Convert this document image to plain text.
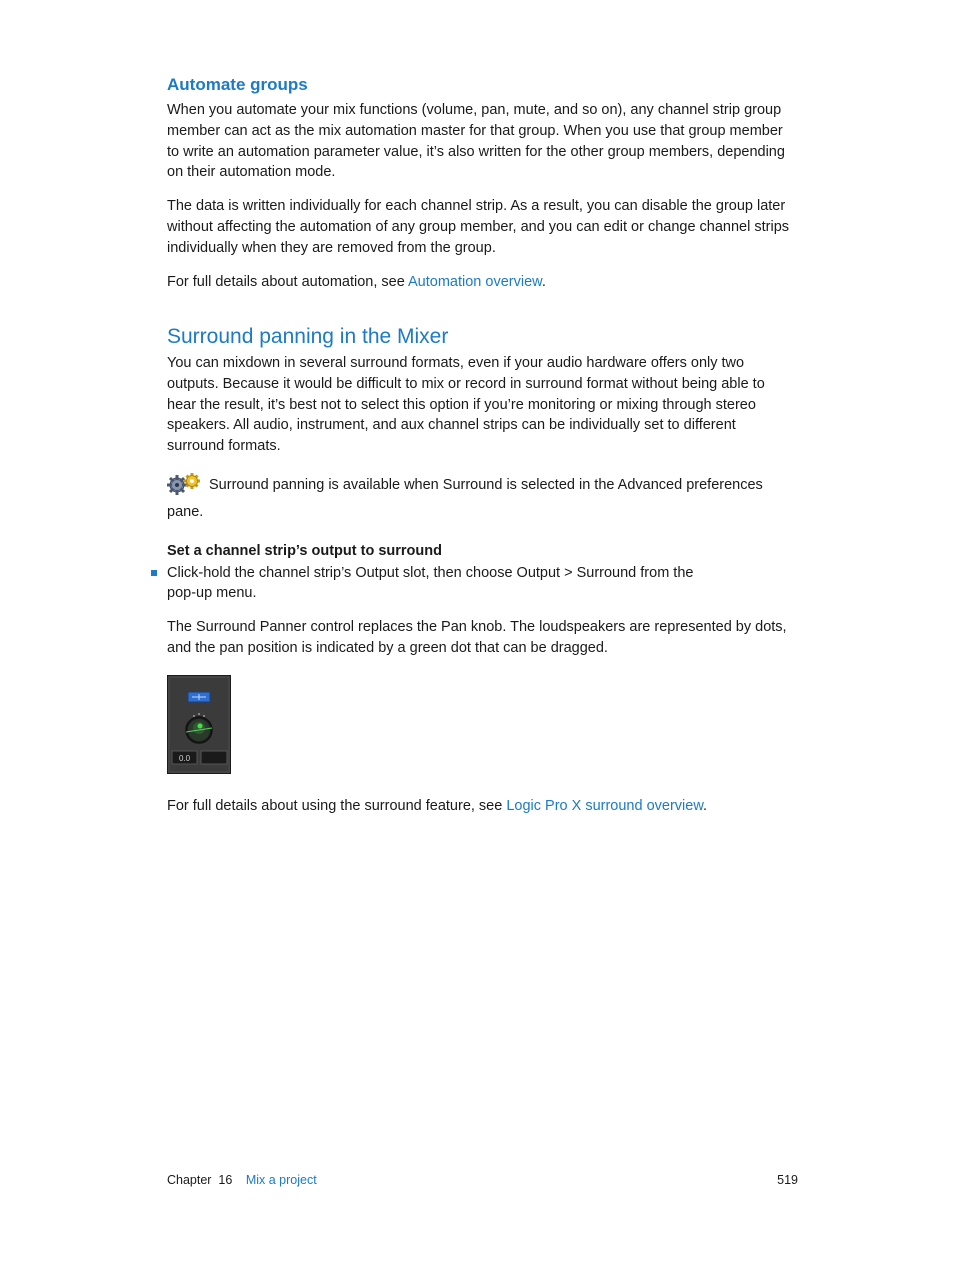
Automate groups

When you automate your mix functions (volume, pan, mute, and so on), any channel strip group member can act as the mix automation master for that group. When you use that group member to write an automation parameter value, it’s also written for the other group members, depending on their automation mode.

The data is written individually for each channel strip. As a result, you can disable the group later without affecting the automation of any group member, and you can edit or change channel strips individually when they are removed from the group.

For full details about automation, see Automation overview.

Surround panning in the Mixer

You can mixdown in several surround formats, even if your audio hardware offers only two outputs. Because it would be difficult to mix or record in surround format without being able to hear the result, it’s best not to select this option if you’re monitoring or mixing through stereo speakers. All audio, instrument, and aux channel strips can be individually set to different surround formats.

Surround panning is available when Surround is selected in the Advanced preferences pane.

Set a channel strip’s output to surround

Click-hold the channel strip’s Output slot, then choose Output > Surround from the pop-up menu.

The Surround Panner control replaces the Pan knob. The loudspeakers are represented by dots, and the pan position is indicated by a green dot that can be dragged.

0.0

For full details about using the surround feature, see Logic Pro X surround overview.

Chapter  16 Mix a project	519
